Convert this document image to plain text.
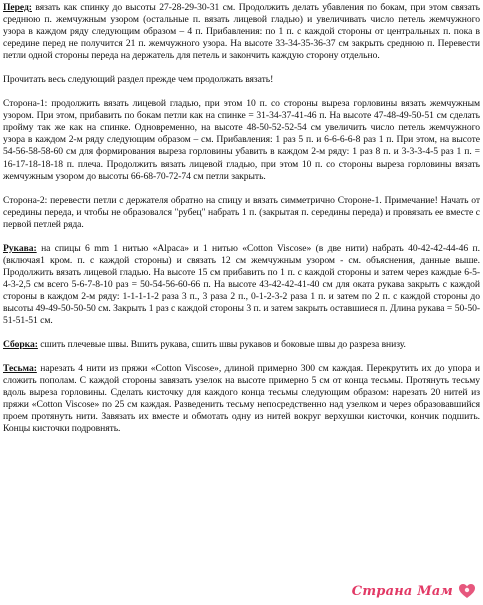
Перед: вязать как спинку до высоты 27-28-29-30-31 см. Продолжить делать убавления по бокам, при этом связать среднюю п. жемчужным узором (остальные п. вязать лицевой гладью) и увеличивать число петель жемчужного узора в каждом ряду следующим образом – 4 п. Прибавления: по 1 п. с каждой стороны от центральных п. пока в середине перед не получится 21 п. жемчужного узора. На высоте 33-34-35-36-37 см закрыть среднюю п. Перевести петли одной стороны переда на держатель для петель и закончить каждую сторону отдельно.

Прочитать весь следующий раздел прежде чем продолжать вязать!

Сторона-1: продолжить вязать лицевой гладью, при этом 10 п. со стороны выреза горловины вязать жемчужным узором. При этом, прибавить по бокам петли как на спинке = 31-34-37-41-46 п. На высоте 47-48-49-50-51 см сделать пройму так же как на спинке. Одновременно, на высоте 48-50-52-52-54 см увеличить число петель жемчужного узора в каждом 2-м ряду следующим образом – см. Прибавления: 1 раз 5 п. и 6-6-6-6-8 раз 1 п. При этом, на высоте 54-56-58-58-60 см для формирования выреза горловины убавить в каждом 2-м ряду: 1 раз 8 п. и 3-3-3-4-5 раз 1 п. = 16-17-18-18-18 п. плеча. Продолжить вязать лицевой гладью, при этом 10 п. со стороны выреза горловины вязать жемчужным узором до высоты 66-68-70-72-74 см петли закрыть.

Сторона-2: перевести петли с держателя обратно на спицу и вязать симметрично Стороне-1. Примечание! Начать от середины переда, и чтобы не образовался "рубец" набрать 1 п. (закрытая п. середины переда) и провязать ее вместе с первой петлей ряда.

Рукава: на спицы 6 mm 1 нитью «Alpaca» и 1 нитью «Cotton Viscose» (в две нити) набрать 40-42-42-44-46 п. (включая1 кром. п. с каждой стороны) и связать 12 см жемчужным узором - см. объяснения, данные выше. Продолжить вязать лицевой гладью. На высоте 15 см прибавить по 1 п. с каждой стороны и затем через каждые 6-5-4-3-2,5 см всего 5-6-7-8-10 раз = 50-54-56-60-66 п. На высоте 43-42-42-41-40 см для оката рукава закрыть с каждой стороны в каждом 2-м ряду: 1-1-1-1-2 раза 3 п., 3 раза 2 п., 0-1-2-3-2 раза 1 п. и затем по 2 п. с каждой стороны до высоты 49-49-50-50-50 см. Закрыть 1 раз с каждой стороны 3 п. и затем закрыть оставшиеся п. Длина рукава = 50-50-51-51-51 см.

Сборка: сшить плечевые швы. Вшить рукава, сшить швы рукавов и боковые швы до разреза внизу.

Тесьма: нарезать 4 нити из пряжи «Cotton Viscose», длиной примерно 300 см каждая. Перекрутить их до упора и сложить пополам. С каждой стороны завязать узелок на высоте примерно 5 см от конца тесьмы. Протянуть тесьму вдоль выреза горловины. Сделать кисточку для каждого конца тесьмы следующим образом: нарезать 20 нитей из пряжи «Cotton Viscose» по 25 см каждая. Разведенить тесьму непосредственно над узелком и через образовавшийся проем протянуть нити. Завязать их вместе и обмотать одну из нитей вокруг верхушки кисточки, кончик подшить. Концы кисточки подровнять.

Страна Мам
